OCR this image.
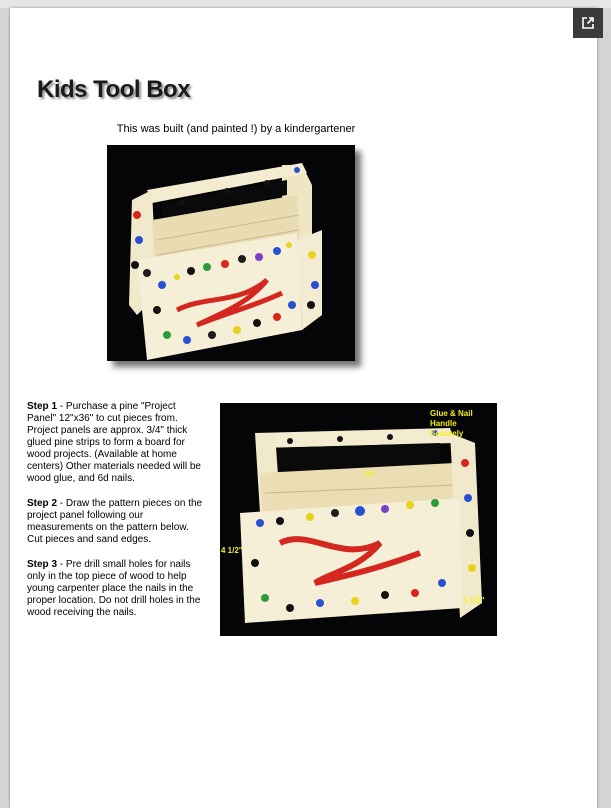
Kids Tool Box
This was built (and painted !) by a kindergartener
Glue & Nail
Handle
Securely
14"
4 1/2"
5 1/2"

Step 1 - Purchase a pine "Project Panel" 12"x36" to cut pieces from. Project panels are approx. 3/4" thick glued pine strips to form a board for wood projects. (Available at home centers) Other materials needed will be wood glue, and 6d nails.

Step 2 - Draw the pattern pieces on the project panel following our measurements on the pattern below. Cut pieces and sand edges.

Step 3 - Pre drill small holes for nails only in the top piece of wood to help young carpenter place the nails in the proper location. Do not drill holes in the wood receiving the nails.
